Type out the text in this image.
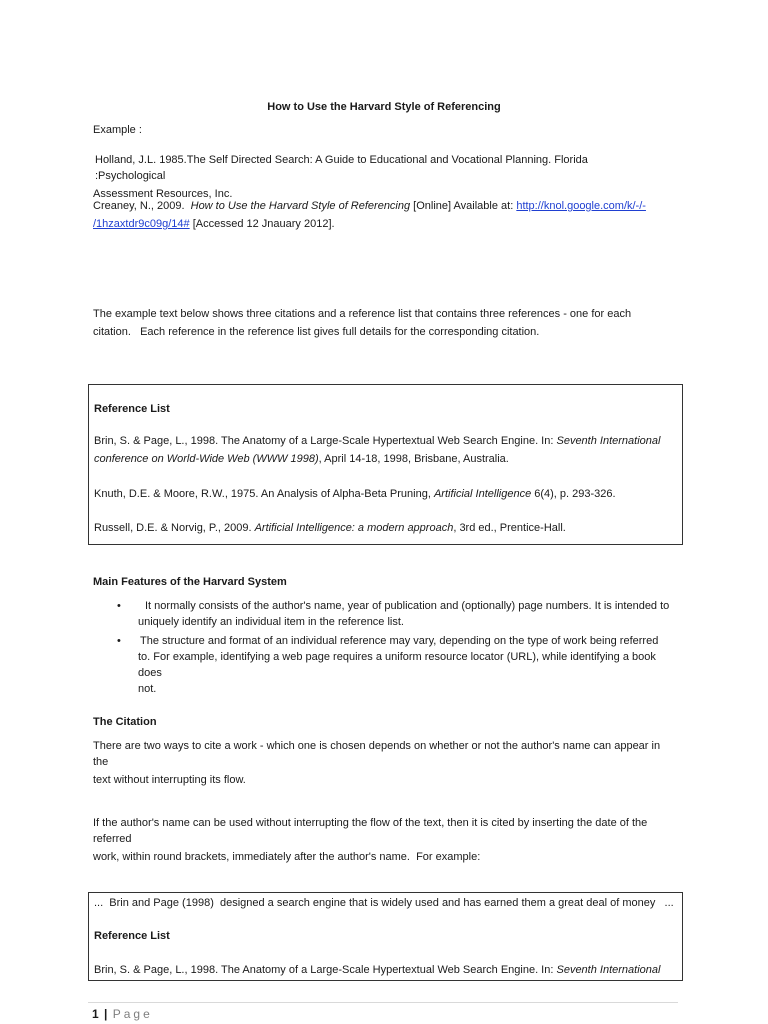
How to Use the Harvard Style of Referencing
Example :
Holland, J.L. 1985.The Self Directed Search: A Guide to Educational and Vocational Planning. Florida :Psychological
Assessment Resources, Inc.
Creaney, N., 2009.  How to Use the Harvard Style of Referencing [Online] Available at: http://knol.google.com/k/-/-
/1hzaxtdr9c09g/14# [Accessed 12 Jnauary 2012].
The example text below shows three citations and a reference list that contains three references - one for each
citation.   Each reference in the reference list gives full details for the corresponding citation.
Reference List
Brin, S. & Page, L., 1998. The Anatomy of a Large-Scale Hypertextual Web Search Engine. In: Seventh International
conference on World-Wide Web (WWW 1998), April 14-18, 1998, Brisbane, Australia.
Knuth, D.E. & Moore, R.W., 1975. An Analysis of Alpha-Beta Pruning, Artificial Intelligence 6(4), p. 293-326.
Russell, D.E. & Norvig, P., 2009. Artificial Intelligence: a modern approach, 3rd ed., Prentice-Hall.
Main Features of the Harvard System
•	It normally consists of the author's name, year of publication and (optionally) page numbers. It is intended to
uniquely identify an individual item in the reference list.
• The structure and format of an individual reference may vary, depending on the type of work being referred
to. For example, identifying a web page requires a uniform resource locator (URL), while identifying a book does
not.
The Citation
There are two ways to cite a work - which one is chosen depends on whether or not the author's name can appear in the
text without interrupting its flow.
If the author's name can be used without interrupting the flow of the text, then it is cited by inserting the date of the referred
work, within round brackets, immediately after the author's name.  For example:
...  Brin and Page (1998)  designed a search engine that is widely used and has earned them a great deal of money   ...
Reference List
Brin, S. & Page, L., 1998. The Anatomy of a Large-Scale Hypertextual Web Search Engine. In: Seventh International
1 | Page
